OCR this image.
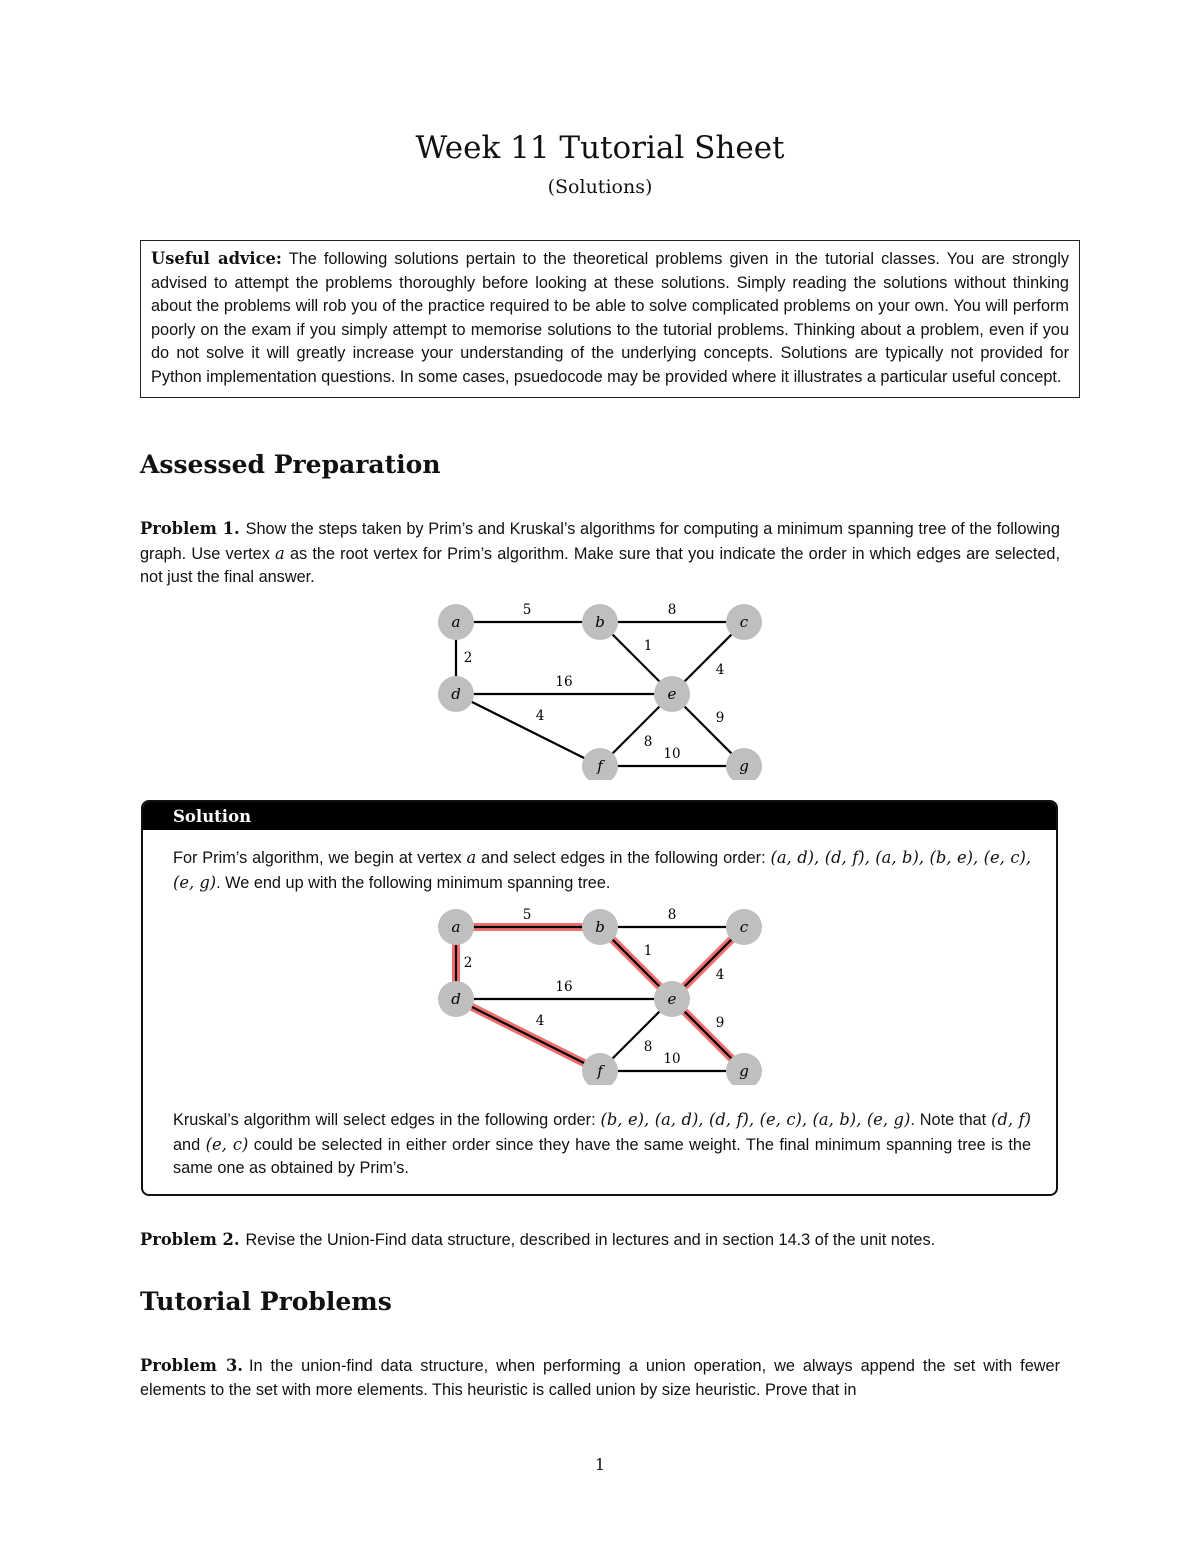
Week 11 Tutorial Sheet
(Solutions)
Useful advice: The following solutions pertain to the theoretical problems given in the tutorial classes. You are strongly advised to attempt the problems thoroughly before looking at these solutions. Simply reading the solutions without thinking about the problems will rob you of the practice required to be able to solve complicated problems on your own. You will perform poorly on the exam if you simply attempt to memorise solutions to the tutorial problems. Thinking about a problem, even if you do not solve it will greatly increase your understanding of the underlying concepts. Solutions are typically not provided for Python implementation questions. In some cases, psuedocode may be provided where it illustrates a particular useful concept.
Assessed Preparation
Problem 1. Show the steps taken by Prim’s and Kruskal’s algorithms for computing a minimum spanning tree of the following graph. Use vertex a as the root vertex for Prim’s algorithm. Make sure that you indicate the order in which edges are selected, not just the final answer.
5	8
2
1
4
16
4	9
8
10
a	b	c
d	e
f	g
Solution
For Prim’s algorithm, we begin at vertex a and select edges in the following order: (a, d), (d, f), (a, b), (b, e), (e, c), (e, g). We end up with the following minimum spanning tree.
Kruskal’s algorithm will select edges in the following order: (b, e), (a, d), (d, f), (e, c), (a, b), (e, g). Note that (d, f) and (e, c) could be selected in either order since they have the same weight. The final minimum spanning tree is the same one as obtained by Prim’s.
5	8
2
1
4
16
4	9
8
10
a	b	c
d	e
f	g
Problem 2. Revise the Union-Find data structure, described in lectures and in section 14.3 of the unit notes.
Tutorial Problems
Problem 3. In the union-find data structure, when performing a union operation, we always append the set with fewer elements to the set with more elements. This heuristic is called union by size heuristic. Prove that in
1
